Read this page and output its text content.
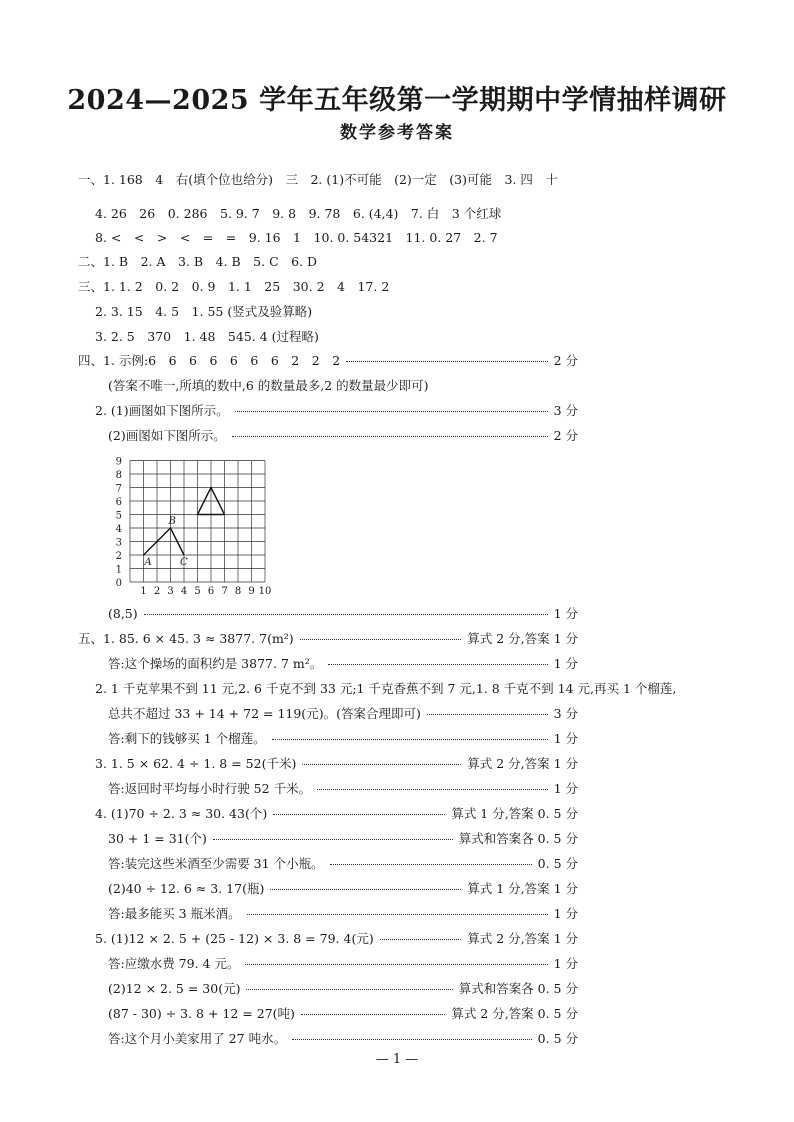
2024—2025 学年五年级第一学期期中学情抽样调研
数学参考答案
一、1. 168　4　右(填个位也给分)　三　2. (1)不可能　(2)一定　(3)可能　3. 四　十
4. 26　26　0. 286　5. 9. 7̇　9. 8　9. 78　6. (4,4)　7. 白　3 个红球
8. <　<　>　<　=　=　9. 16　1　10. 0. 54321　11. 0. 27　2. 7
二、1. B　2. A　3. B　4. B　5. C　6. D
三、1. 1. 2　0. 2　0. 9　1. 1　25　30. 2　4　17. 2
2. 3. 15　4. 5　1. 55 (竖式及验算略)
3. 2. 5　370　1. 48　545. 4 (过程略)
四、1. 示例:6　6　6　6　6　6　6　2　2　2	2 分
(答案不唯一,所填的数中,6 的数量最多,2 的数量最少即可)
2. (1)画图如下图所示。	3 分
(2)画图如下图所示。	2 分
1 2 3 4 5 6 7 8 9 10
0
1
2
3
4
5
6
7
8
9
A
B
C
(8,5)	1 分
五、1. 85. 6 × 45. 3 ≈ 3877. 7(m²)	算式 2 分,答案 1 分
答:这个操场的面积约是 3877. 7 m²。	1 分
2. 1 千克苹果不到 11 元,2. 6 千克不到 33 元;1 千克香蕉不到 7 元,1. 8 千克不到 14 元,再买 1 个榴莲,
总共不超过 33 + 14 + 72 = 119(元)。(答案合理即可)	3 分
答:剩下的钱够买 1 个榴莲。	1 分
3. 1. 5 × 62. 4 ÷ 1. 8 = 52(千米)	算式 2 分,答案 1 分
答:返回时平均每小时行驶 52 千米。	1 分
4. (1)70 ÷ 2. 3 ≈ 30. 43(个)	算式 1 分,答案 0. 5 分
30 + 1 = 31(个)	算式和答案各 0. 5 分
答:装完这些米酒至少需要 31 个小瓶。	0. 5 分
(2)40 ÷ 12. 6 ≈ 3. 17(瓶)	算式 1 分,答案 1 分
答:最多能买 3 瓶米酒。	1 分
5. (1)12 × 2. 5 + (25 - 12) × 3. 8 = 79. 4(元)	算式 2 分,答案 1 分
答:应缴水费 79. 4 元。	1 分
(2)12 × 2. 5 = 30(元)	算式和答案各 0. 5 分
(87 - 30) ÷ 3. 8 + 12 = 27(吨)	算式 2 分,答案 0. 5 分
答:这个月小美家用了 27 吨水。	0. 5 分
— 1 —
